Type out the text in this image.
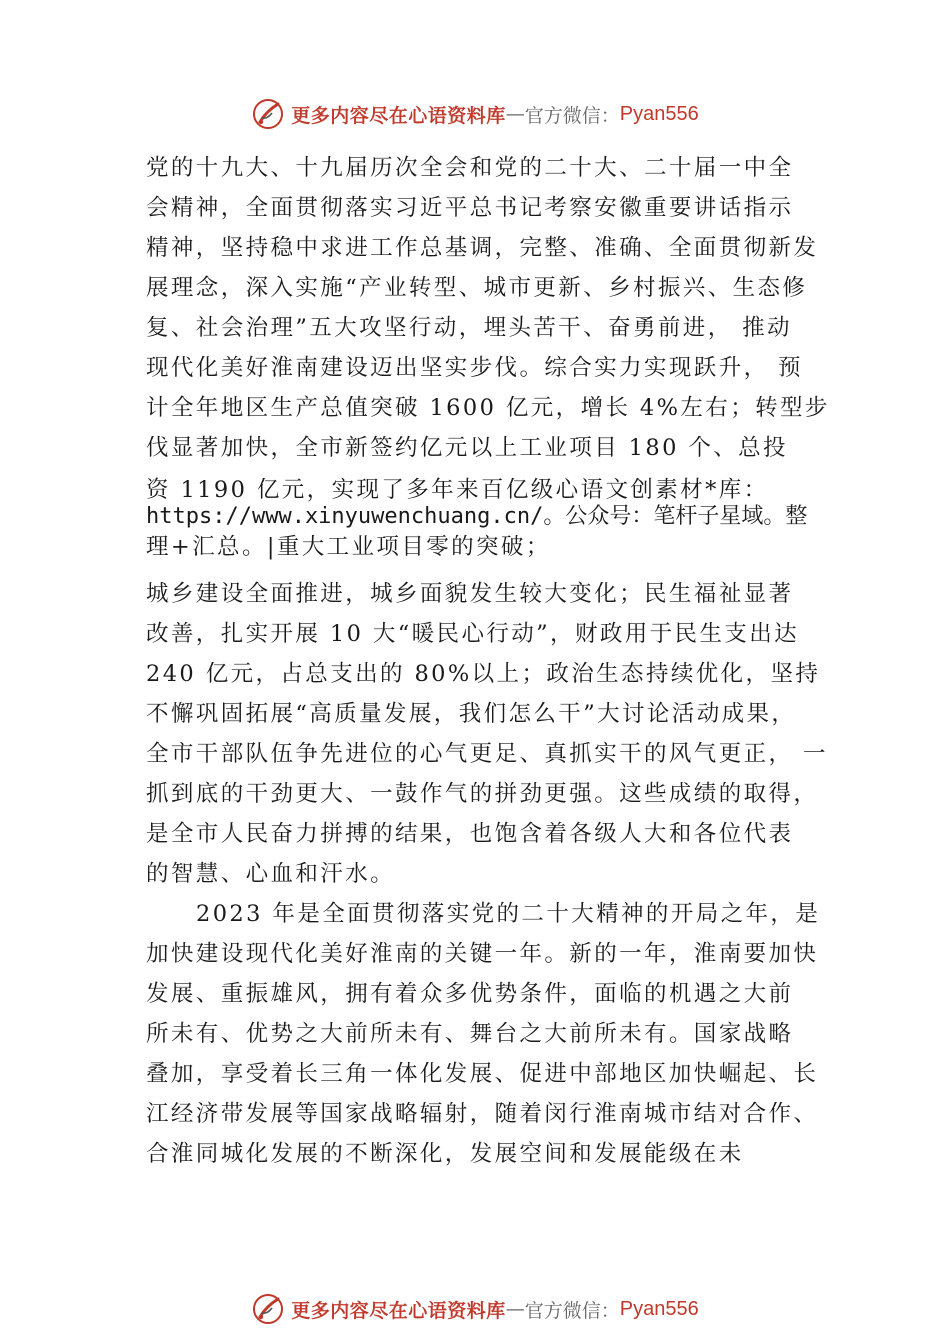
更多内容尽在心语资料库 — 官方微信： Pyan556
党的十九大、十九届历次全会和党的二十大、二十届一中全
会精神，全面贯彻落实习近平总书记考察安徽重要讲话指示
精神，坚持稳中求进工作总基调，完整、准确、全面贯彻新发
展理念，深入实施“产业转型、城市更新、乡村振兴、生态修
复、社会治理”五大攻坚行动，埋头苦干、奋勇前进， 推动
现代化美好淮南建设迈出坚实步伐。综合实力实现跃升， 预
计全年地区生产总值突破 1600 亿元，增长 4%左右；转型步
伐显著加快，全市新签约亿元以上工业项目 180 个、总投
资 1190 亿元，实现了多年来百亿级心语文创素材*库：
https://www.xinyuwenchuang.cn/。公众号：笔杆子星域。整
理+汇总。|重大工业项目零的突破；
城乡建设全面推进，城乡面貌发生较大变化；民生福祉显著
改善，扎实开展 10 大“暖民心行动”，财政用于民生支出达
240 亿元，占总支出的 80%以上；政治生态持续优化，坚持
不懈巩固拓展“高质量发展，我们怎么干”大讨论活动成果，
全市干部队伍争先进位的心气更足、真抓实干的风气更正， 一
抓到底的干劲更大、一鼓作气的拼劲更强。这些成绩的取得，
是全市人民奋力拼搏的结果，也饱含着各级人大和各位代表
的智慧、心血和汗水。
2023 年是全面贯彻落实党的二十大精神的开局之年，是
加快建设现代化美好淮南的关键一年。新的一年，淮南要加快
发展、重振雄风，拥有着众多优势条件，面临的机遇之大前
所未有、优势之大前所未有、舞台之大前所未有。国家战略
叠加，享受着长三角一体化发展、促进中部地区加快崛起、长
江经济带发展等国家战略辐射，随着闵行淮南城市结对合作、
合淮同城化发展的不断深化，发展空间和发展能级在未
更多内容尽在心语资料库 — 官方微信： Pyan556
